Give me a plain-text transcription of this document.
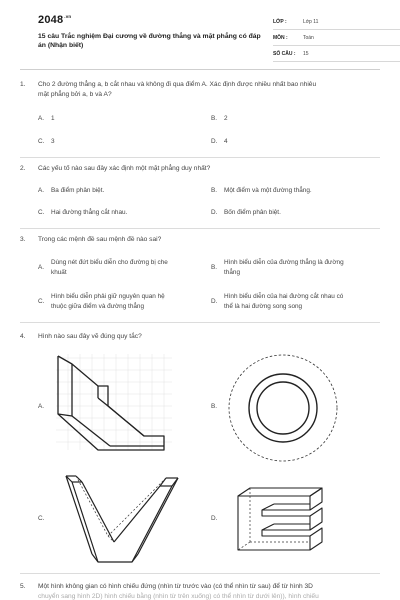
$2048^{.vn}$
15 câu Trắc nghiệm Đại cương về đường thẳng và mặt phẳng có đáp án (Nhận biết)
LỚP :	Lớp 11
MÔN :	Toán
SỐ CÂU :	15
1.	Cho 2 đường thẳng a, b cắt nhau và không đi qua điểm A. Xác định được nhiều nhất bao nhiêu
mặt phẳng bởi a, b và A?
A.	1	B.	2
C.	3	D.	4
2.	Các yếu tố nào sau đây xác định một mặt phẳng duy nhất?
A.	Ba điểm phân biệt.	B.	Một điểm và một đường thẳng.
C.	Hai đường thẳng cắt nhau.	D.	Bốn điểm phân biệt.
3.	Trong các mệnh đề sau mệnh đề nào sai?
A.
Dùng nét đứt biểu diễn cho đường bị che
khuất
B.
Hình biểu diễn của đường thẳng là đường
thẳng
C.
Hình biểu diễn phải giữ nguyên quan hệ
thuộc giữa điểm và đường thẳng
D.
Hình biểu diễn của hai đường cắt nhau có
thể là hai đường song song
4.	Hình nào sau đây vẽ đúng quy tắc?
A.	B.
C.	D.
5.	Một hình không gian có hình chiếu đứng (nhìn từ trước vào (có thể nhìn từ sau) để từ hình 3D
chuyển sang hình 2D) hình chiếu bằng (nhìn từ trên xuống) có thể nhìn từ dưới lên)), hình chiếu
